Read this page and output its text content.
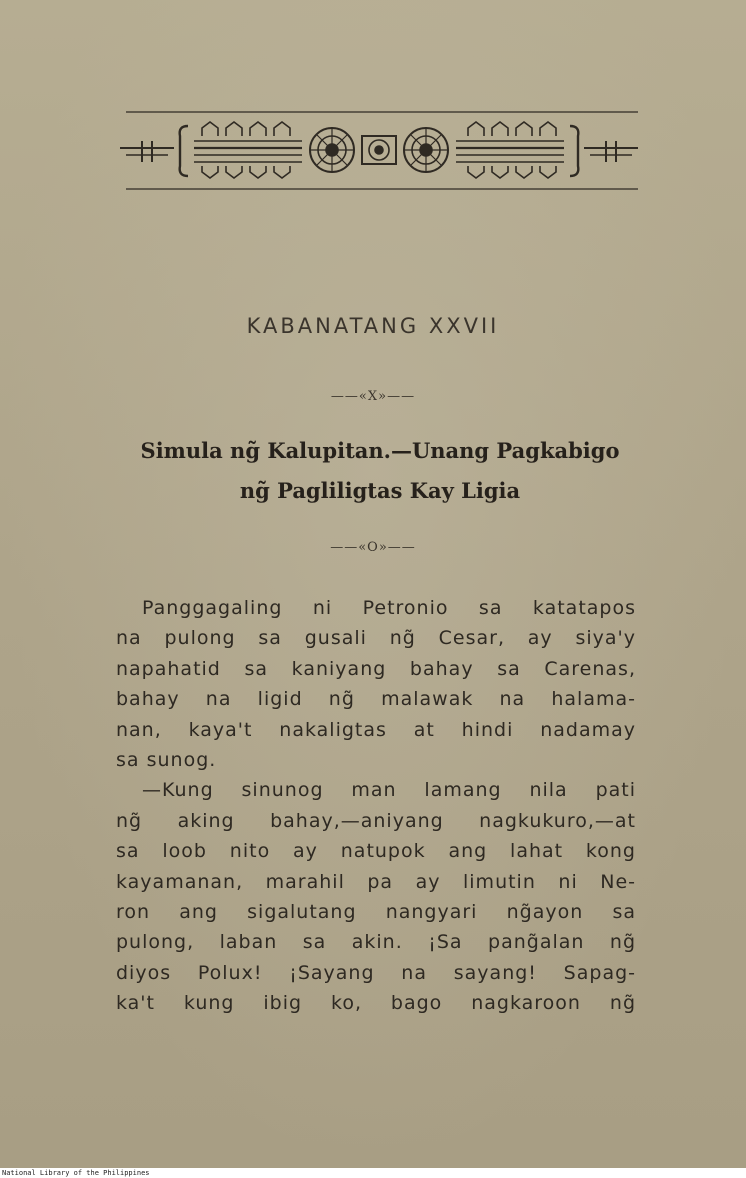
KABANATANG XXVII
——«X»——
Simula ng̃ Kalupitan.—Unang Pagkabigo
ng̃ Pagliligtas Kay Ligia
——«O»——
Panggagaling ni Petronio sa katatapos
na pulong sa gusali ng̃ Cesar, ay siya'y
napahatid sa kaniyang bahay sa Carenas,
bahay na ligid ng̃ malawak na halama-
nan, kaya't nakaligtas at hindi nadamay
sa sunog.
—Kung sinunog man lamang nila pati
ng̃ aking bahay,—aniyang nagkukuro,—at
sa loob nito ay natupok ang lahat kong
kayamanan, marahil pa ay limutin ni Ne-
ron ang sigalutang nangyari ng̃ayon sa
pulong, laban sa akin. ¡Sa pang̃alan ng̃
diyos Polux! ¡Sayang na sayang! Sapag-
ka't kung ibig ko, bago nagkaroon ng̃
National Library of the Philippines
